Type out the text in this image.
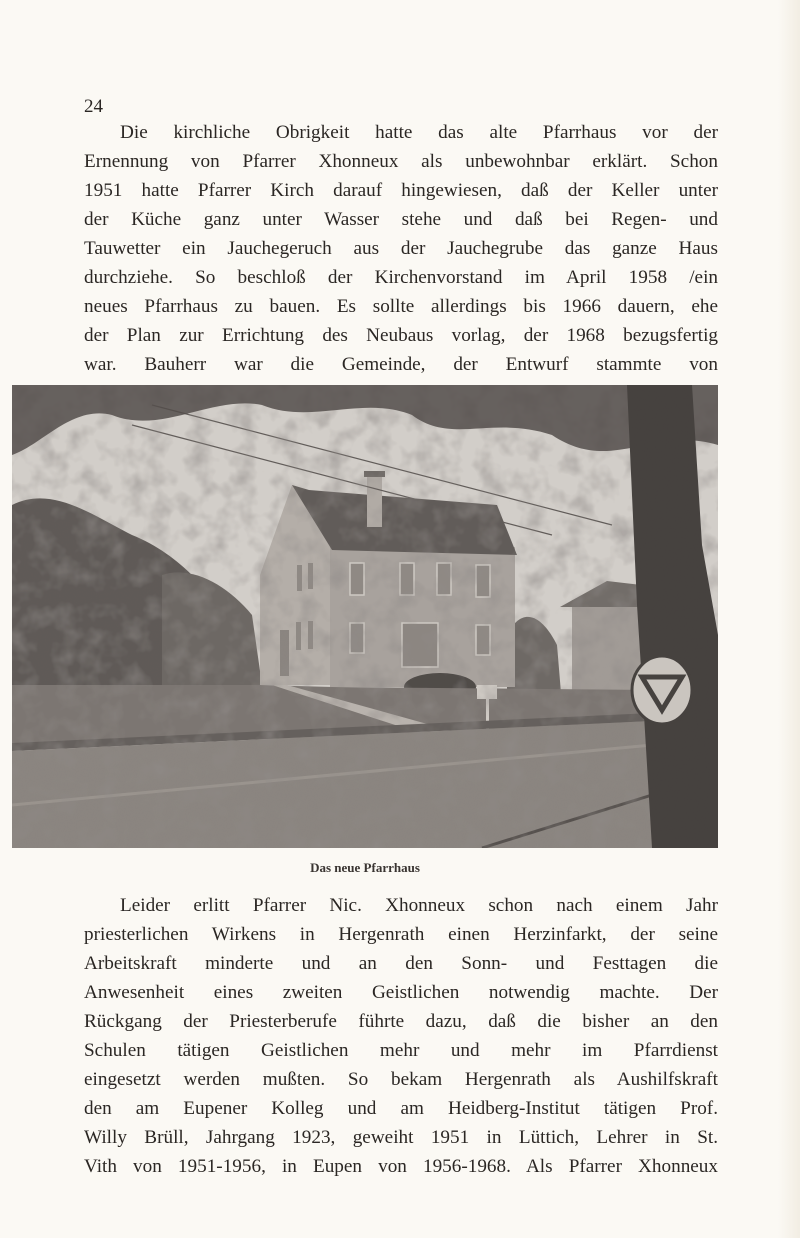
24
Die kirchliche Obrigkeit hatte das alte Pfarrhaus vor der
Ernennung von Pfarrer Xhonneux als unbewohnbar erklärt. Schon
1951 hatte Pfarrer Kirch darauf hingewiesen, daß der Keller unter
der Küche ganz unter Wasser stehe und daß bei Regen- und
Tauwetter ein Jauchegeruch aus der Jauchegrube das ganze Haus
durchziehe. So beschloß der Kirchenvorstand im April 1958 /ein
neues Pfarrhaus zu bauen. Es sollte allerdings bis 1966 dauern, ehe
der Plan zur Errichtung des Neubaus vorlag, der 1968 bezugsfertig
war. Bauherr war die Gemeinde, der Entwurf stammte von
Das neue Pfarrhaus
Leider erlitt Pfarrer Nic. Xhonneux schon nach einem Jahr
priesterlichen Wirkens in Hergenrath einen Herzinfarkt, der seine
Arbeitskraft minderte und an den Sonn- und Festtagen die
Anwesenheit eines zweiten Geistlichen notwendig machte. Der
Rückgang der Priesterberufe führte dazu, daß die bisher an den
Schulen tätigen Geistlichen mehr und mehr im Pfarrdienst
eingesetzt werden mußten. So bekam Hergenrath als Aushilfskraft
den am Eupener Kolleg und am Heidberg-Institut tätigen Prof.
Willy Brüll, Jahrgang 1923, geweiht 1951 in Lüttich, Lehrer in St.
Vith von 1951-1956, in Eupen von 1956-1968. Als Pfarrer Xhonneux
